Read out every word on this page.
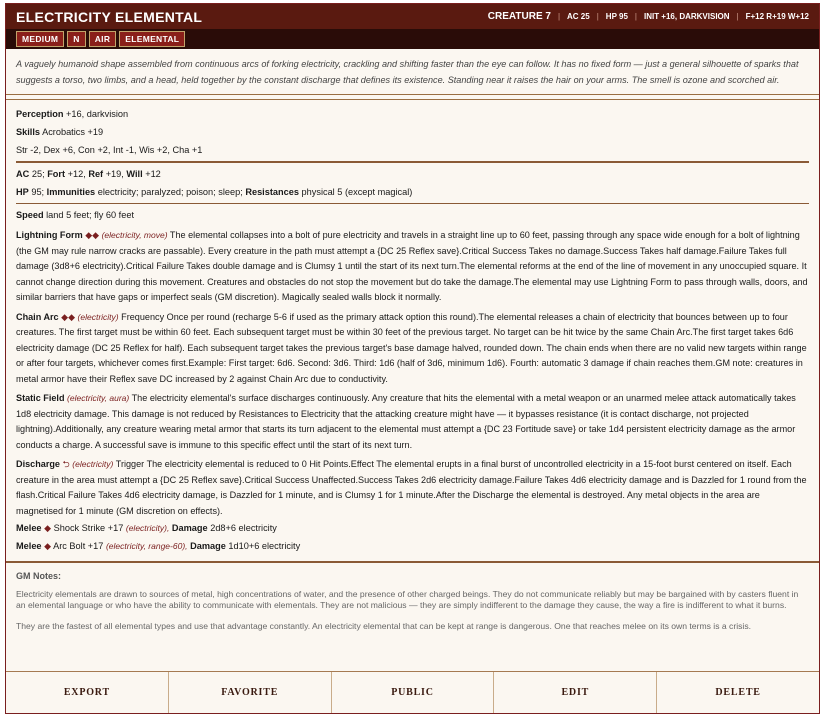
ELECTRICITY ELEMENTAL	CREATURE 7 | AC 25 | HP 95 | INIT +16, DARKVISION | F+12 R+19 W+12
MEDIUM	N	AIR	ELEMENTAL
A vaguely humanoid shape assembled from continuous arcs of forking electricity, crackling and shifting faster than the eye can follow. It has no fixed form — just a general silhouette of sparks that suggests a torso, two limbs, and a head, held together by the constant discharge that defines its existence. Standing near it raises the hair on your arms. The smell is ozone and scorched air.
Perception +16, darkvision
Skills Acrobatics +19
Str -2, Dex +6, Con +2, Int -1, Wis +2, Cha +1
AC 25; Fort +12, Ref +19, Will +12
HP 95; Immunities electricity; paralyzed; poison; sleep; Resistances physical 5 (except magical)
Speed land 5 feet; fly 60 feet
Lightning Form ◆◆ (electricity, move) The elemental collapses into a bolt of pure electricity and travels in a straight line up to 60 feet, passing through any space wide enough for a bolt of lightning (the GM may rule narrow cracks are passable). Every creature in the path must attempt a {DC 25 Reflex save}.Critical Success Takes no damage.Success Takes half damage.Failure Takes full damage (3d8+6 electricity).Critical Failure Takes double damage and is Clumsy 1 until the start of its next turn.The elemental reforms at the end of the line of movement in any unoccupied square. It cannot change direction during this movement. Creatures and obstacles do not stop the movement but do take the damage.The elemental may use Lightning Form to pass through walls, doors, and similar barriers that have gaps or imperfect seals (GM discretion). Magically sealed walls block it normally.
Chain Arc ◆◆ (electricity) Frequency Once per round (recharge 5-6 if used as the primary attack option this round).The elemental releases a chain of electricity that bounces between up to four creatures. The first target must be within 60 feet. Each subsequent target must be within 30 feet of the previous target. No target can be hit twice by the same Chain Arc.The first target takes 6d6 electricity damage (DC 25 Reflex for half). Each subsequent target takes the previous target's base damage halved, rounded down. The chain ends when there are no valid new targets within range or after four targets, whichever comes first.Example: First target: 6d6. Second: 3d6. Third: 1d6 (half of 3d6, minimum 1d6). Fourth: automatic 3 damage if chain reaches them.GM note: creatures in metal armor have their Reflex save DC increased by 2 against Chain Arc due to conductivity.
Static Field (electricity, aura) The electricity elemental's surface discharges continuously. Any creature that hits the elemental with a metal weapon or an unarmed melee attack automatically takes 1d8 electricity damage. This damage is not reduced by Resistances to Electricity that the attacking creature might have — it bypasses resistance (it is contact discharge, not projected lightning).Additionally, any creature wearing metal armor that starts its turn adjacent to the elemental must attempt a {DC 23 Fortitude save} or take 1d4 persistent electricity damage as the armor conducts a charge. A successful save is immune to this specific effect until the start of its next turn.
Discharge ⮌ (electricity) Trigger The electricity elemental is reduced to 0 Hit Points.Effect The elemental erupts in a final burst of uncontrolled electricity in a 15-foot burst centered on itself. Each creature in the area must attempt a {DC 25 Reflex save}.Critical Success Unaffected.Success Takes 2d6 electricity damage.Failure Takes 4d6 electricity damage and is Dazzled for 1 round from the flash.Critical Failure Takes 4d6 electricity damage, is Dazzled for 1 minute, and is Clumsy 1 for 1 minute.After the Discharge the elemental is destroyed. Any metal objects in the area are magnetised for 1 minute (GM discretion on effects).
Melee ◆ Shock Strike +17 (electricity), Damage 2d8+6 electricity
Melee ◆ Arc Bolt +17 (electricity, range-60), Damage 1d10+6 electricity
GM Notes:

Electricity elementals are drawn to sources of metal, high concentrations of water, and the presence of other charged beings. They do not communicate reliably but may be bargained with by casters fluent in an elemental language or who have the ability to communicate with elementals. They are not malicious — they are simply indifferent to the damage they cause, the way a fire is indifferent to what it burns.

They are the fastest of all elemental types and use that advantage constantly. An electricity elemental that can be kept at range is dangerous. One that reaches melee on its own terms is a crisis.

EXPORT	FAVORITE	PUBLIC	EDIT	DELETE
